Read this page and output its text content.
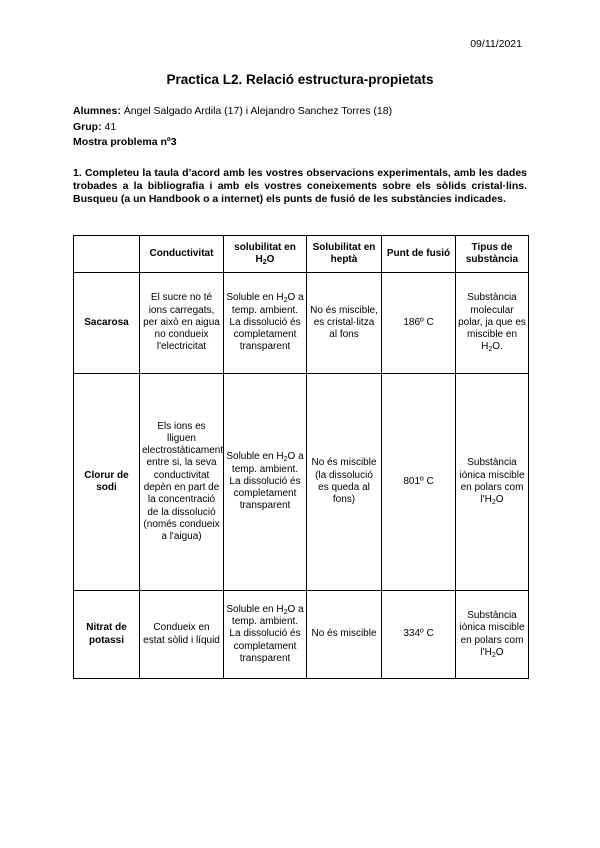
09/11/2021
Practica L2. Relació estructura-propietats
Alumnes: Ángel Salgado Ardila (17) i Alejandro Sanchez Torres (18)
Grup: 41
Mostra problema nº3
1. Completeu la taula d’acord amb les vostres observacions experimentals, amb les dades trobades a la bibliografia i amb els vostres coneixements sobre els sòlids cristal·lins. Busqueu (a un Handbook o a internet) els punts de fusió de les substàncies indicades.
	Conductivitat	solubilitat en $H_2O$	Solubilitat en heptà	Punt de fusió	Tipus de substància
Sacarosa	El sucre no té ions carregats, per això en aigua no condueix l'electricitat	Soluble en $H_2O$ a temp. ambient. La dissolució és completament transparent	No és miscible, es cristal·litza al fons	186º C	Substància molecular polar, ja que es miscible en $H_2O$.
Clorur de sodi	Els ions es lliguen electrostàticament entre si, la seva conductivitat depèn en part de la concentració de la dissolució (només condueix a l'aigua)	Soluble en $H_2O$ a temp. ambient. La dissolució és completament transparent	No és miscible (la dissolució es queda al fons)	801º C	Substància iònica miscible en polars com $l'H_2O$
Nitrat de potassi	Condueix en estat sòlid i líquid	Soluble en $H_2O$ a temp. ambient. La dissolució és completament transparent	No és miscible	334º C	Substància iònica miscible en polars com $l'H_2O$
